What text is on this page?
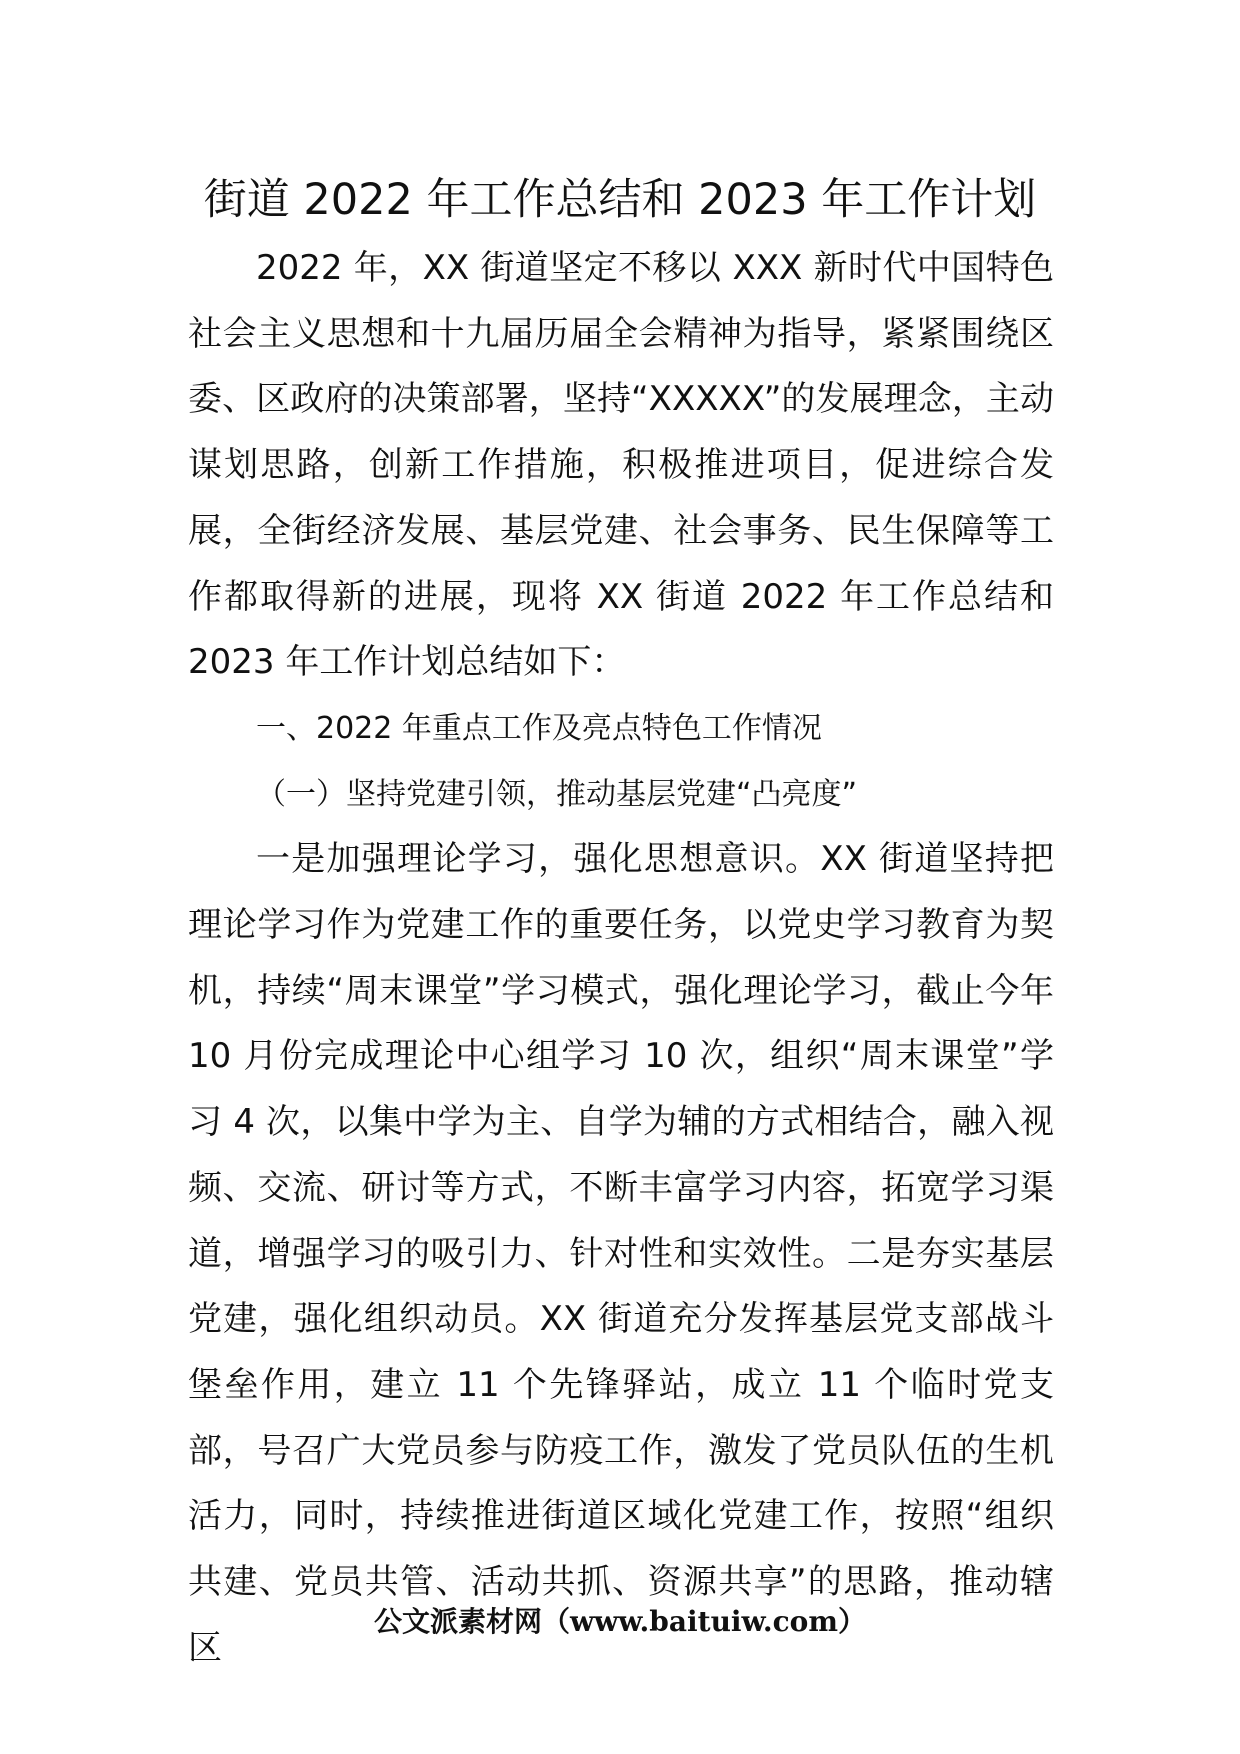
街道 2022 年工作总结和 2023 年工作计划

2022 年，XX 街道坚定不移以 XXX 新时代中国特色社会主义思想和十九届历届全会精神为指导，紧紧围绕区委、区政府的决策部署，坚持“XXXXX”的发展理念，主动谋划思路，创新工作措施，积极推进项目，促进综合发展，全街经济发展、基层党建、社会事务、民生保障等工作都取得新的进展，现将 XX 街道 2022 年工作总结和 2023 年工作计划总结如下：

一、2022 年重点工作及亮点特色工作情况

（一）坚持党建引领，推动基层党建“凸亮度”

一是加强理论学习，强化思想意识。XX 街道坚持把理论学习作为党建工作的重要任务，以党史学习教育为契机，持续“周末课堂”学习模式，强化理论学习，截止今年 10 月份完成理论中心组学习 10 次，组织“周末课堂”学习 4 次，以集中学为主、自学为辅的方式相结合，融入视频、交流、研讨等方式，不断丰富学习内容，拓宽学习渠道，增强学习的吸引力、针对性和实效性。二是夯实基层党建，强化组织动员。XX 街道充分发挥基层党支部战斗堡垒作用，建立 11 个先锋驿站，成立 11 个临时党支部，号召广大党员参与防疫工作，激发了党员队伍的生机活力，同时，持续推进街道区域化党建工作，按照“组织共建、党员共管、活动共抓、资源共享”的思路，推动辖区

公文派素材网（www.baituiw.com）
